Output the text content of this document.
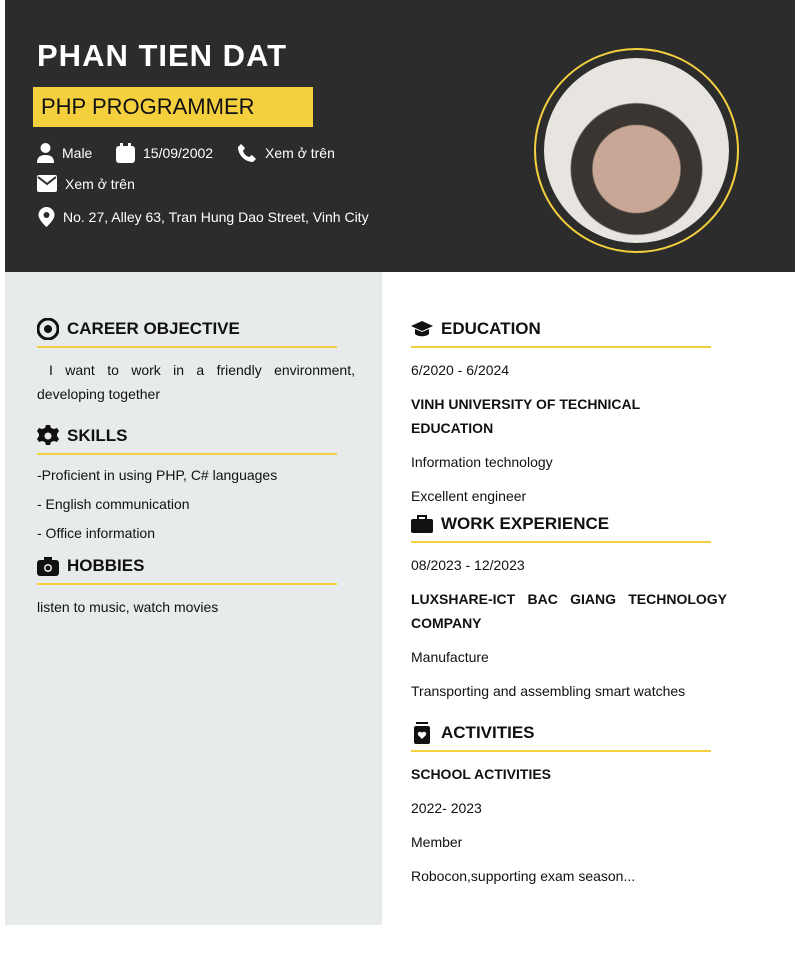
PHAN TIEN DAT
PHP PROGRAMMER
Male	15/09/2002	Xem ở trên
Xem ở trên
No. 27, Alley 63, Tran Hung Dao Street, Vinh City
CAREER OBJECTIVE

I want to work in a friendly environment, developing together

SKILLS

-Proficient in using PHP, C# languages

- English communication

- Office information

HOBBIES

listen to music, watch movies

EDUCATION

6/2020 - 6/2024

VINH UNIVERSITY OF TECHNICAL EDUCATION

Information technology

Excellent engineer

WORK EXPERIENCE

08/2023 - 12/2023

LUXSHARE-ICT BAC GIANG TECHNOLOGY COMPANY

Manufacture

Transporting and assembling smart watches

ACTIVITIES

SCHOOL ACTIVITIES

2022- 2023

Member

Robocon,supporting exam season...
